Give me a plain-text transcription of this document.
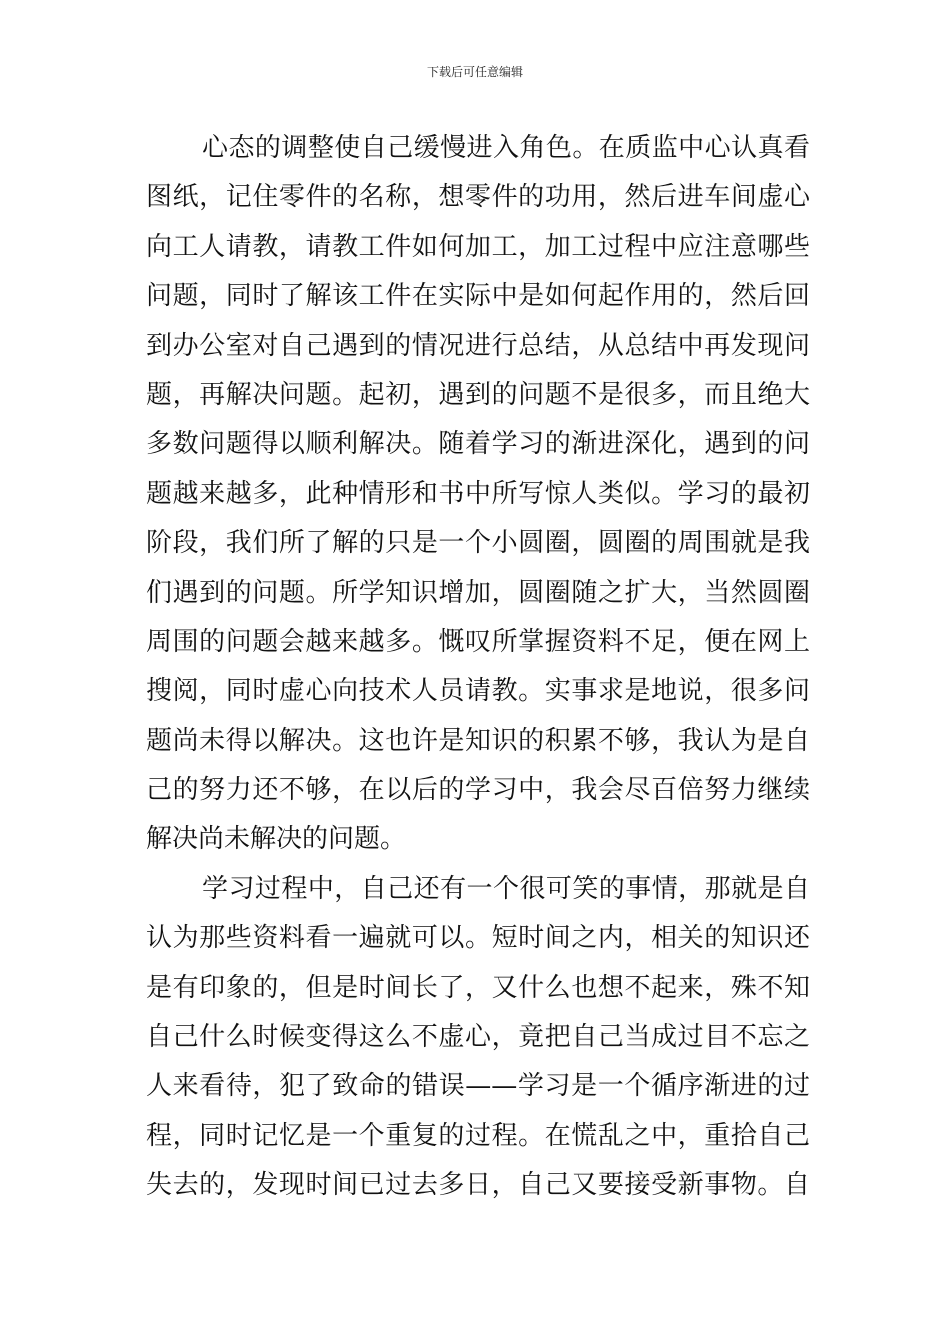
下载后可任意编辑
心态的调整使自己缓慢进入角色。在质监中心认真看
图纸，记住零件的名称，想零件的功用，然后进车间虚心
向工人请教，请教工件如何加工，加工过程中应注意哪些
问题，同时了解该工件在实际中是如何起作用的，然后回
到办公室对自己遇到的情况进行总结，从总结中再发现问
题，再解决问题。起初，遇到的问题不是很多，而且绝大
多数问题得以顺利解决。随着学习的渐进深化，遇到的问
题越来越多，此种情形和书中所写惊人类似。学习的最初
阶段，我们所了解的只是一个小圆圈，圆圈的周围就是我
们遇到的问题。所学知识增加，圆圈随之扩大，当然圆圈
周围的问题会越来越多。慨叹所掌握资料不足，便在网上
搜阅，同时虚心向技术人员请教。实事求是地说，很多问
题尚未得以解决。这也许是知识的积累不够，我认为是自
己的努力还不够，在以后的学习中，我会尽百倍努力继续
解决尚未解决的问题。
学习过程中，自己还有一个很可笑的事情，那就是自
认为那些资料看一遍就可以。短时间之内，相关的知识还
是有印象的，但是时间长了，又什么也想不起来，殊不知
自己什么时候变得这么不虚心，竟把自己当成过目不忘之
人来看待，犯了致命的错误——学习是一个循序渐进的过
程，同时记忆是一个重复的过程。在慌乱之中，重拾自己
失去的，发现时间已过去多日，自己又要接受新事物。自
